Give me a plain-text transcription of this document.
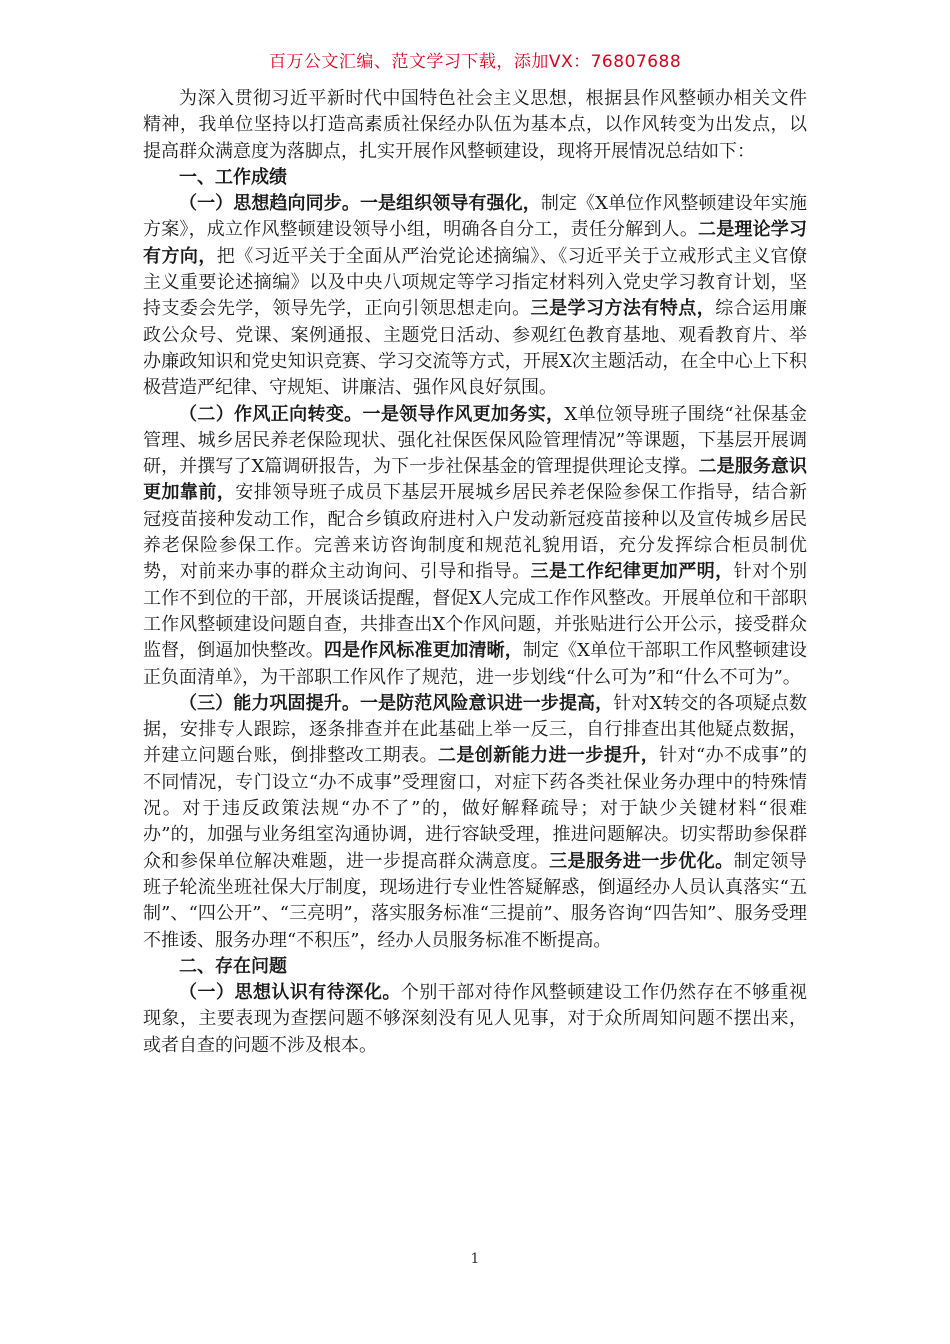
百万公文汇编、范文学习下载，添加VX：76807688

为深入贯彻习近平新时代中国特色社会主义思想，根据县作风整顿办相关文件精神，我单位坚持以打造高素质社保经办队伍为基本点，以作风转变为出发点，以提高群众满意度为落脚点，扎实开展作风整顿建设，现将开展情况总结如下：

一、工作成绩

（一）思想趋向同步。一是组织领导有强化，制定《X单位作风整顿建设年实施方案》，成立作风整顿建设领导小组，明确各自分工，责任分解到人。二是理论学习有方向，把《习近平关于全面从严治党论述摘编》、《习近平关于立戒形式主义官僚主义重要论述摘编》以及中央八项规定等学习指定材料列入党史学习教育计划，坚持支委会先学，领导先学，正向引领思想走向。三是学习方法有特点，综合运用廉政公众号、党课、案例通报、主题党日活动、参观红色教育基地、观看教育片、举办廉政知识和党史知识竞赛、学习交流等方式，开展X次主题活动，在全中心上下积极营造严纪律、守规矩、讲廉洁、强作风良好氛围。

（二）作风正向转变。一是领导作风更加务实，X单位领导班子围绕“社保基金管理、城乡居民养老保险现状、强化社保医保风险管理情况”等课题，下基层开展调研，并撰写了X篇调研报告，为下一步社保基金的管理提供理论支撑。二是服务意识更加靠前，安排领导班子成员下基层开展城乡居民养老保险参保工作指导，结合新冠疫苗接种发动工作，配合乡镇政府进村入户发动新冠疫苗接种以及宣传城乡居民养老保险参保工作。完善来访咨询制度和规范礼貌用语，充分发挥综合柜员制优势，对前来办事的群众主动询问、引导和指导。三是工作纪律更加严明，针对个别工作不到位的干部，开展谈话提醒，督促X人完成工作作风整改。开展单位和干部职工作风整顿建设问题自查，共排查出X个作风问题，并张贴进行公开公示，接受群众监督，倒逼加快整改。四是作风标准更加清晰，制定《X单位干部职工作风整顿建设正负面清单》，为干部职工作风作了规范，进一步划线“什么可为”和“什么不可为”。

（三）能力巩固提升。一是防范风险意识进一步提高，针对X转交的各项疑点数据，安排专人跟踪，逐条排查并在此基础上举一反三，自行排查出其他疑点数据，并建立问题台账，倒排整改工期表。二是创新能力进一步提升，针对“办不成事”的不同情况，专门设立“办不成事”受理窗口，对症下药各类社保业务办理中的特殊情况。对于违反政策法规“办不了”的，做好解释疏导；对于缺少关键材料“很难办”的，加强与业务组室沟通协调，进行容缺受理，推进问题解决。切实帮助参保群众和参保单位解决难题，进一步提高群众满意度。三是服务进一步优化。制定领导班子轮流坐班社保大厅制度，现场进行专业性答疑解惑，倒逼经办人员认真落实“五制”、“四公开”、“三亮明”，落实服务标准“三提前”、服务咨询“四告知”、服务受理不推诿、服务办理“不积压”，经办人员服务标准不断提高。

二、存在问题

（一）思想认识有待深化。个别干部对待作风整顿建设工作仍然存在不够重视现象，主要表现为查摆问题不够深刻没有见人见事，对于众所周知问题不摆出来，或者自查的问题不涉及根本。

1
